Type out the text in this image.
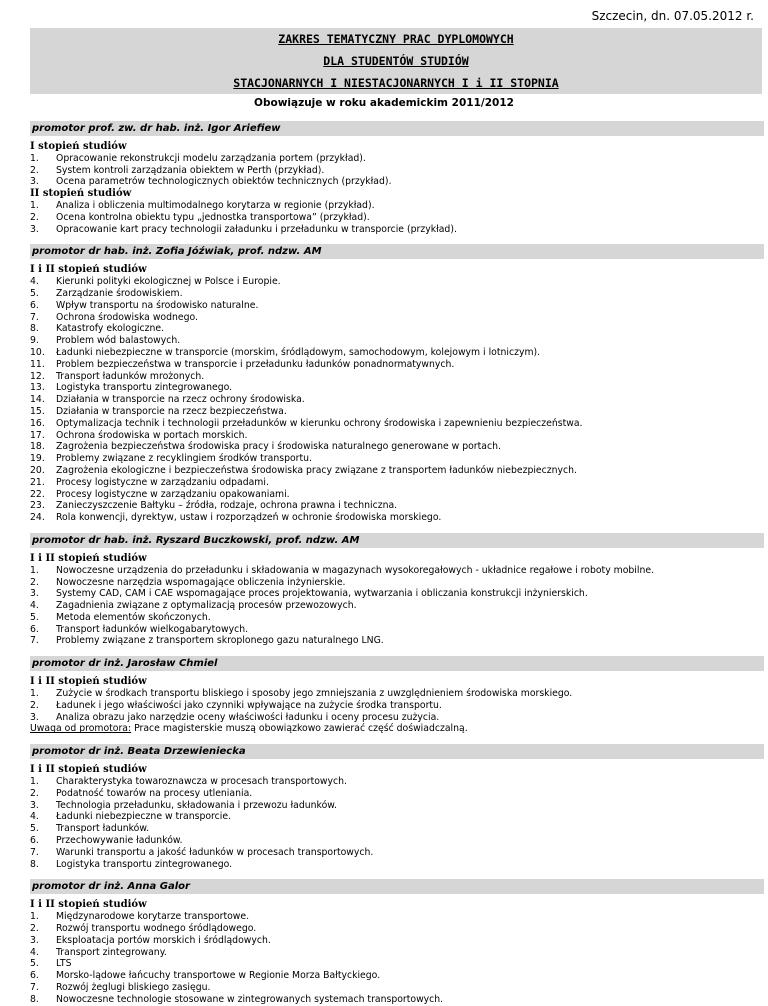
Szczecin, dn. 07.05.2012 r.
ZAKRES TEMATYCZNY PRAC DYPLOMOWYCH
DLA STUDENTÓW STUDIÓW
STACJONARNYCH I NIESTACJONARNYCH I i II STOPNIA
Obowiązuje w roku akademickim 2011/2012
promotor prof. zw. dr hab. inż. Igor Ariefiew
I stopień studiów
1. Opracowanie rekonstrukcji modelu zarządzania portem (przykład).
2. System kontroli zarządzania obiektem w Perth (przykład).
3. Ocena parametrów technologicznych obiektów technicznych (przykład).
II stopień studiów
1. Analiza i obliczenia multimodalnego korytarza w regionie (przykład).
2. Ocena kontrolna obiektu typu „jednostka transportowa” (przykład).
3. Opracowanie kart pracy technologii załadunku i przeładunku w transporcie (przykład).
promotor dr hab. inż. Zofia Jóźwiak, prof. ndzw. AM
I i II stopień studiów
4. Kierunki polityki ekologicznej w Polsce i Europie.
5. Zarządzanie środowiskiem.
6. Wpływ transportu na środowisko naturalne.
7. Ochrona środowiska wodnego.
8. Katastrofy ekologiczne.
9. Problem wód balastowych.
10. Ładunki niebezpieczne w transporcie (morskim, śródlądowym, samochodowym, kolejowym i lotniczym).
11. Problem bezpieczeństwa w transporcie i przeładunku ładunków ponadnormatywnych.
12. Transport ładunków mrożonych.
13. Logistyka transportu zintegrowanego.
14. Działania w transporcie na rzecz ochrony środowiska.
15. Działania w transporcie na rzecz bezpieczeństwa.
16. Optymalizacja technik i technologii przeładunków w kierunku ochrony środowiska i zapewnieniu bezpieczeństwa.
17. Ochrona środowiska w portach morskich.
18. Zagrożenia bezpieczeństwa środowiska pracy i środowiska naturalnego generowane w portach.
19. Problemy związane z recyklingiem środków transportu.
20. Zagrożenia ekologiczne i bezpieczeństwa środowiska pracy związane z transportem ładunków niebezpiecznych.
21. Procesy logistyczne w zarządzaniu odpadami.
22. Procesy logistyczne w zarządzaniu opakowaniami.
23. Zanieczyszczenie Bałtyku – źródła, rodzaje, ochrona prawna i techniczna.
24. Rola konwencji, dyrektyw, ustaw i rozporządzeń w ochronie środowiska morskiego.
promotor dr hab. inż. Ryszard Buczkowski, prof. ndzw. AM
I i II stopień studiów
1. Nowoczesne urządzenia do przeładunku i składowania w magazynach wysokoregałowych - układnice regałowe i roboty mobilne.
2. Nowoczesne narzędzia wspomagające obliczenia inżynierskie.
3. Systemy CAD, CAM i CAE wspomagające proces projektowania, wytwarzania i obliczania konstrukcji inżynierskich.
4. Zagadnienia związane z optymalizacją procesów przewozowych.
5. Metoda elementów skończonych.
6. Transport ładunków wielkogabarytowych.
7. Problemy związane z transportem skroplonego gazu naturalnego LNG.
promotor dr inż. Jarosław Chmiel
I i II stopień studiów
1. Zużycie w środkach transportu bliskiego i sposoby jego zmniejszania z uwzględnieniem środowiska morskiego.
2. Ładunek i jego właściwości jako czynniki wpływające na zużycie środka transportu.
3. Analiza obrazu jako narzędzie oceny właściwości ładunku i oceny procesu zużycia.
Uwaga od promotora: Prace magisterskie muszą obowiązkowo zawierać część doświadczalną.
promotor dr inż. Beata Drzewieniecka
I i II stopień studiów
1. Charakterystyka towaroznawcza w procesach transportowych.
2. Podatność towarów na procesy utleniania.
3. Technologia przeładunku, składowania i przewozu ładunków.
4. Ładunki niebezpieczne w transporcie.
5. Transport ładunków.
6. Przechowywanie ładunków.
7. Warunki transportu a jakość ładunków w procesach transportowych.
8. Logistyka transportu zintegrowanego.
promotor dr inż. Anna Galor
I i II stopień studiów
1. Międzynarodowe korytarze transportowe.
2. Rozwój transportu wodnego śródlądowego.
3. Eksploatacja portów morskich i śródlądowych.
4. Transport zintegrowany.
5. LTS
6. Morsko-lądowe łańcuchy transportowe w Regionie Morza Bałtyckiego.
7. Rozwój żeglugi bliskiego zasięgu.
8. Nowoczesne technologie stosowane w zintegrowanych systemach transportowych.
